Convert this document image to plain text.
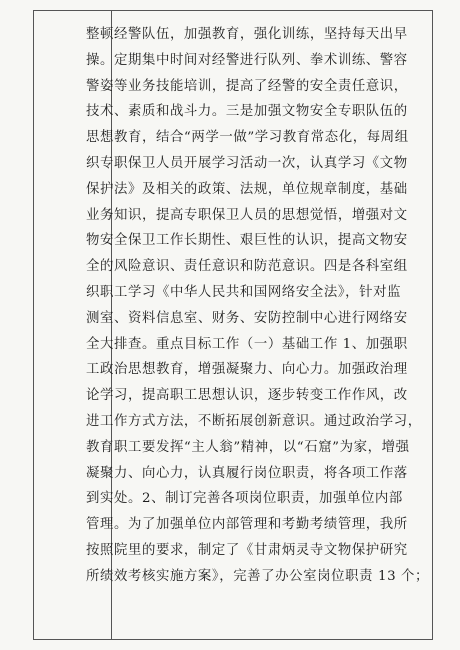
整顿经警队伍，加强教育，强化训练，坚持每天出早
操。定期集中时间对经警进行队列、拳术训练、警容
警姿等业务技能培训，提高了经警的安全责任意识，
技术、素质和战斗力。三是加强文物安全专职队伍的
思想教育，结合“两学一做”学习教育常态化，每周组
织专职保卫人员开展学习活动一次，认真学习《文物
保护法》及相关的政策、法规，单位规章制度，基础
业务知识，提高专职保卫人员的思想觉悟，增强对文
物安全保卫工作长期性、艰巨性的认识，提高文物安
全的风险意识、责任意识和防范意识。四是各科室组
织职工学习《中华人民共和国网络安全法》，针对监
测室、资料信息室、财务、安防控制中心进行网络安
全大排查。重点目标工作（一）基础工作 1、加强职
工政治思想教育，增强凝聚力、向心力。加强政治理
论学习，提高职工思想认识，逐步转变工作作风，改
进工作方式方法，不断拓展创新意识。通过政治学习，
教育职工要发挥“主人翁”精神，以“石窟”为家，增强
凝聚力、向心力，认真履行岗位职责，将各项工作落
到实处。2、制订完善各项岗位职责，加强单位内部
管理。为了加强单位内部管理和考勤考绩管理，我所
按照院里的要求，制定了《甘肃炳灵寺文物保护研究
所绩效考核实施方案》，完善了办公室岗位职责 13 个；
